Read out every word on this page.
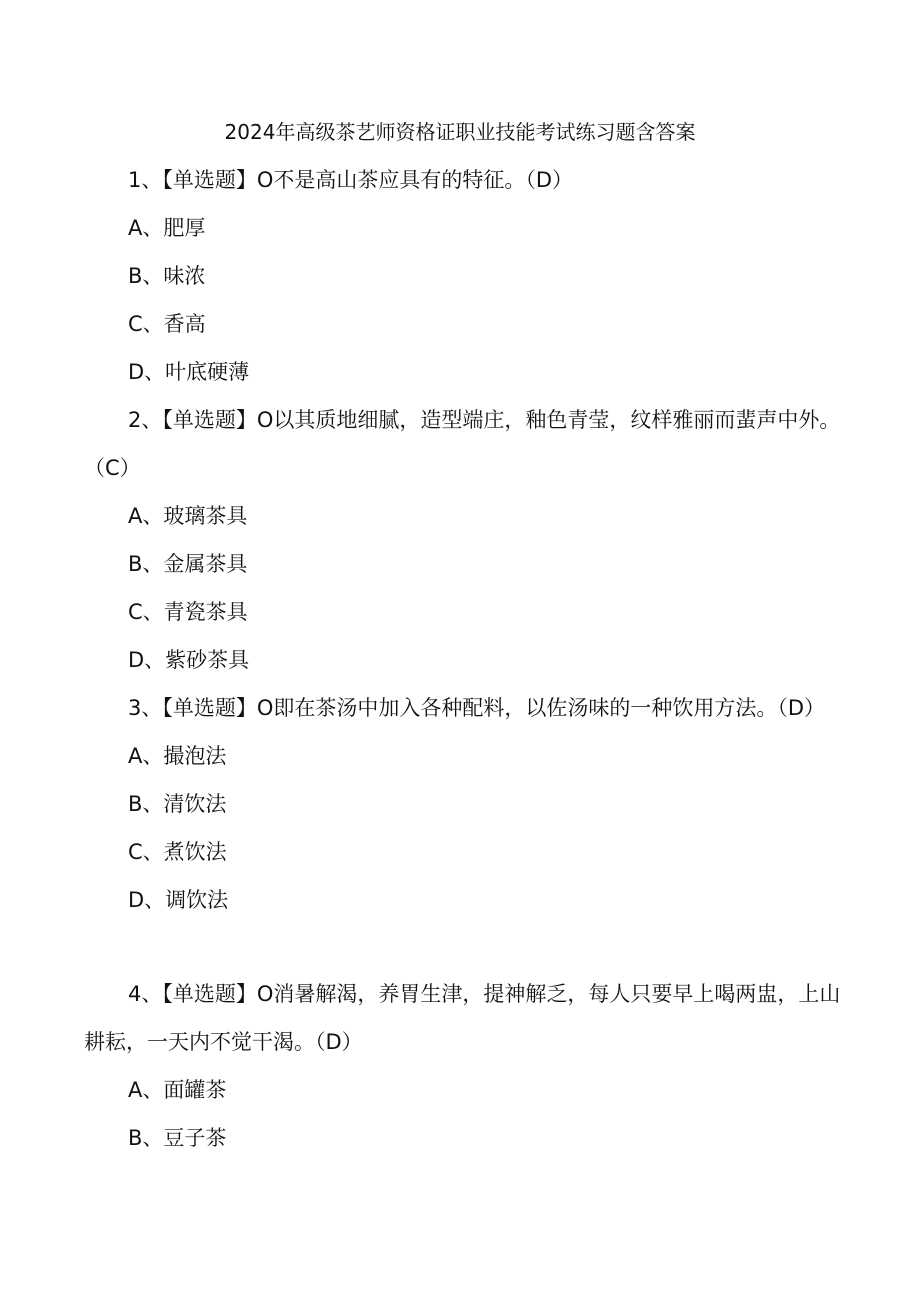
2024年高级茶艺师资格证职业技能考试练习题含答案

1、【单选题】O不是高山茶应具有的特征。（D）

A、肥厚

B、味浓

C、香高

D、叶底硬薄

2、【单选题】O以其质地细腻，造型端庄，釉色青莹，纹样雅丽而蜚声中外。（C）

A、玻璃茶具

B、金属茶具

C、青瓷茶具

D、紫砂茶具

3、【单选题】O即在茶汤中加入各种配料，以佐汤味的一种饮用方法。（D）

A、撮泡法

B、清饮法

C、煮饮法

D、调饮法

4、【单选题】O消暑解渴，养胃生津，提神解乏，每人只要早上喝两盅，上山耕耘，一天内不觉干渴。（D）

A、面罐茶

B、豆子茶
